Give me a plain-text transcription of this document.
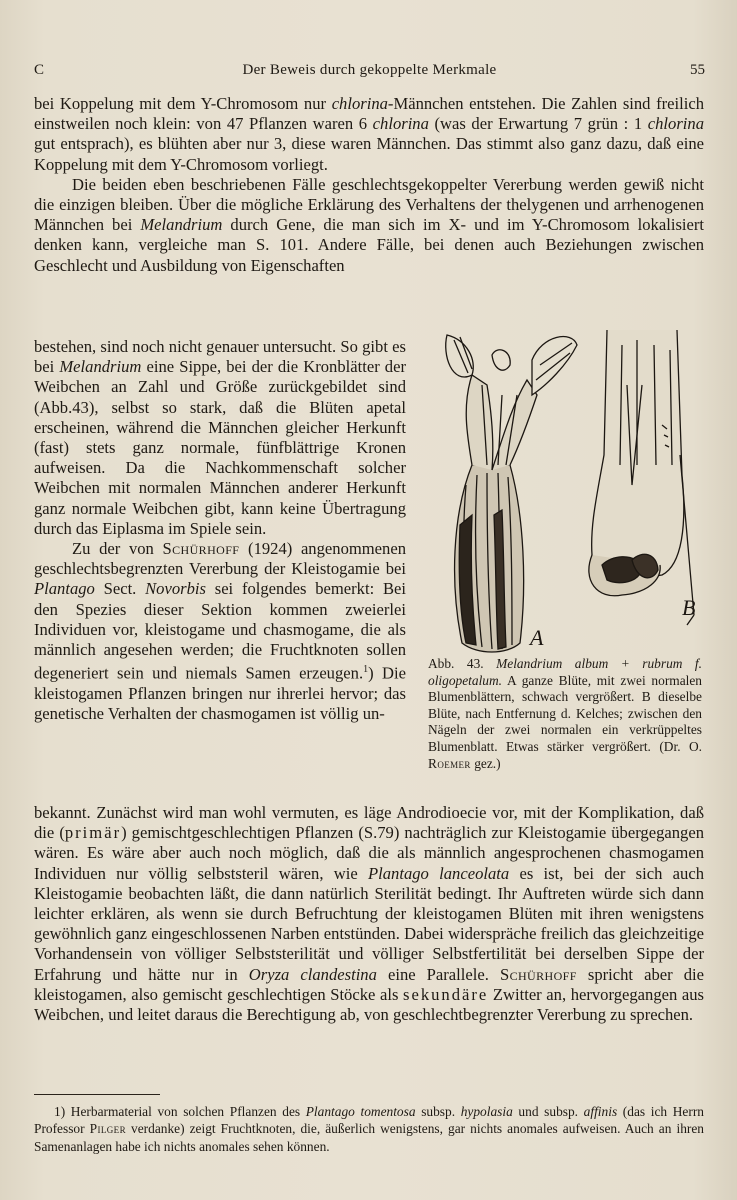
C	Der Beweis durch gekoppelte Merkmale	55

bei Koppelung mit dem Y-Chromosom nur chlorina-Männchen entstehen. Die Zahlen sind freilich einstweilen noch klein: von 47 Pflanzen waren 6 chlorina (was der Erwartung 7 grün : 1 chlorina gut entsprach), es blühten aber nur 3, diese waren Männchen. Das stimmt also ganz dazu, daß eine Koppelung mit dem Y-Chromosom vorliegt.

Die beiden eben beschriebenen Fälle geschlechtsgekoppelter Vererbung werden gewiß nicht die einzigen bleiben. Über die mögliche Erklärung des Verhaltens der thelygenen und arrhenogenen Männchen bei Melandrium durch Gene, die man sich im X- und im Y-Chromosom lokalisiert denken kann, vergleiche man S. 101. Andere Fälle, bei denen auch Beziehungen zwischen Geschlecht und Ausbildung von Eigenschaften

bestehen, sind noch nicht genauer untersucht. So gibt es bei Melandrium eine Sippe, bei der die Kronblätter der Weibchen an Zahl und Größe zurückgebildet sind (Abb.43), selbst so stark, daß die Blüten apetal erscheinen, während die Männchen gleicher Herkunft (fast) stets ganz normale, fünfblättrige Kronen aufweisen. Da die Nachkommenschaft solcher Weibchen mit normalen Männchen anderer Herkunft ganz normale Weibchen gibt, kann keine Übertragung durch das Eiplasma im Spiele sein.

Zu der von Schürhoff (1924) angenommenen geschlechtsbegrenzten Vererbung der Kleistogamie bei Plantago Sect. Novorbis sei folgendes bemerkt: Bei den Spezies dieser Sektion kommen zweierlei Individuen vor, kleistogame und chasmogame, die als männlich angesehen werden; die Fruchtknoten sollen degeneriert sein und niemals Samen erzeugen.$^1$) Die kleistogamen Pflanzen bringen nur ihrerlei hervor; das genetische Verhalten der chasmogamen ist völlig un-

A
B
Abb. 43. Melandrium album + rubrum f. oligopetalum. A ganze Blüte, mit zwei normalen Blumenblättern, schwach vergrößert. B dieselbe Blüte, nach Entfernung d. Kelches; zwischen den Nägeln der zwei normalen ein verkrüppeltes Blumenblatt. Etwas stärker vergrößert. (Dr. O. Roemer gez.)

bekannt. Zunächst wird man wohl vermuten, es läge Androdioecie vor, mit der Komplikation, daß die (primär) gemischtgeschlechtigen Pflanzen (S.79) nachträglich zur Kleistogamie übergegangen wären. Es wäre aber auch noch möglich, daß die als männlich angesprochenen chasmogamen Individuen nur völlig selbststeril wären, wie Plantago lanceolata es ist, bei der sich auch Kleistogamie beobachten läßt, die dann natürlich Sterilität bedingt. Ihr Auftreten würde sich dann leichter erklären, als wenn sie durch Befruchtung der kleistogamen Blüten mit ihren wenigstens gewöhnlich ganz eingeschlossenen Narben entstünden. Dabei widerspräche freilich das gleichzeitige Vorhandensein von völliger Selbststerilität und völliger Selbstfertilität bei derselben Sippe der Erfahrung und hätte nur in Oryza clandestina eine Parallele. Schürhoff spricht aber die kleistogamen, also gemischt geschlechtigen Stöcke als sekundäre Zwitter an, hervorgegangen aus Weibchen, und leitet daraus die Berechtigung ab, von geschlechtbegrenzter Vererbung zu sprechen.

1) Herbarmaterial von solchen Pflanzen des Plantago tomentosa subsp. hypolasia und subsp. affinis (das ich Herrn Professor Pilger verdanke) zeigt Fruchtknoten, die, äußerlich wenigstens, gar nichts anomales aufweisen. Auch an ihren Samenanlagen habe ich nichts anomales sehen können.
